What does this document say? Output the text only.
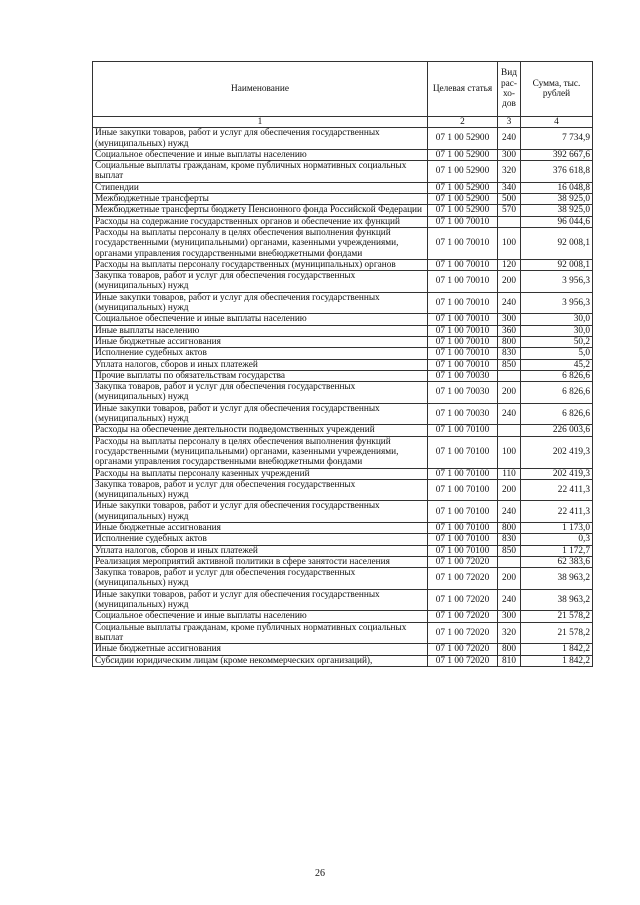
Наименование	Целевая статья	Вид рас- хо- дов	Сумма, тыс. рублей
1	2	3	4
Иные закупки товаров, работ и услуг для обеспечения государственных (муниципальных) нужд	07 1 00 52900	240	7 734,9
Социальное обеспечение и иные выплаты населению	07 1 00 52900	300	392 667,6
Социальные выплаты гражданам, кроме публичных нормативных социальных выплат	07 1 00 52900	320	376 618,8
Стипендии	07 1 00 52900	340	16 048,8
Межбюджетные трансферты	07 1 00 52900	500	38 925,0
Межбюджетные трансферты бюджету Пенсионного фонда Российской Федерации	07 1 00 52900	570	38 925,0
Расходы на содержание государственных органов и обеспечение их функций	07 1 00 70010		96 044,6
Расходы на выплаты персоналу в целях обеспечения выполнения функций государственными (муниципальными) органами, казенными учреждениями, органами управления государственными внебюджетными фондами	07 1 00 70010	100	92 008,1
Расходы на выплаты персоналу государственных (муниципальных) органов	07 1 00 70010	120	92 008,1
Закупка товаров, работ и услуг для обеспечения государственных (муниципальных) нужд	07 1 00 70010	200	3 956,3
Иные закупки товаров, работ и услуг для обеспечения государственных (муниципальных) нужд	07 1 00 70010	240	3 956,3
Социальное обеспечение и иные выплаты населению	07 1 00 70010	300	30,0
Иные выплаты населению	07 1 00 70010	360	30,0
Иные бюджетные ассигнования	07 1 00 70010	800	50,2
Исполнение судебных актов	07 1 00 70010	830	5,0
Уплата налогов, сборов и иных платежей	07 1 00 70010	850	45,2
Прочие выплаты по обязательствам государства	07 1 00 70030		6 826,6
Закупка товаров, работ и услуг для обеспечения государственных (муниципальных) нужд	07 1 00 70030	200	6 826,6
Иные закупки товаров, работ и услуг для обеспечения государственных (муниципальных) нужд	07 1 00 70030	240	6 826,6
Расходы на обеспечение деятельности подведомственных учреждений	07 1 00 70100		226 003,6
Расходы на выплаты персоналу в целях обеспечения выполнения функций государственными (муниципальными) органами, казенными учреждениями, органами управления государственными внебюджетными фондами	07 1 00 70100	100	202 419,3
Расходы на выплаты персоналу казенных учреждений	07 1 00 70100	110	202 419,3
Закупка товаров, работ и услуг для обеспечения государственных (муниципальных) нужд	07 1 00 70100	200	22 411,3
Иные закупки товаров, работ и услуг для обеспечения государственных (муниципальных) нужд	07 1 00 70100	240	22 411,3
Иные бюджетные ассигнования	07 1 00 70100	800	1 173,0
Исполнение судебных актов	07 1 00 70100	830	0,3
Уплата налогов, сборов и иных платежей	07 1 00 70100	850	1 172,7
Реализация мероприятий активной политики в сфере занятости населения	07 1 00 72020		62 383,6
Закупка товаров, работ и услуг для обеспечения государственных (муниципальных) нужд	07 1 00 72020	200	38 963,2
Иные закупки товаров, работ и услуг для обеспечения государственных (муниципальных) нужд	07 1 00 72020	240	38 963,2
Социальное обеспечение и иные выплаты населению	07 1 00 72020	300	21 578,2
Социальные выплаты гражданам, кроме публичных нормативных социальных выплат	07 1 00 72020	320	21 578,2
Иные бюджетные ассигнования	07 1 00 72020	800	1 842,2
Субсидии юридическим лицам (кроме некоммерческих организаций),	07 1 00 72020	810	1 842,2
26
